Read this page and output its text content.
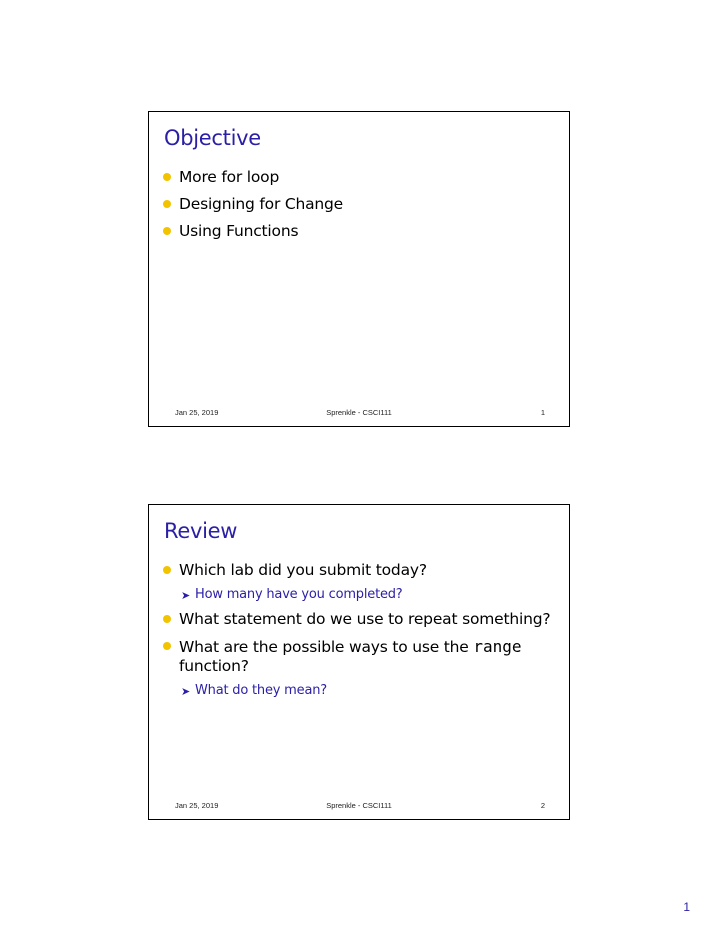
Objective
More for loop
Designing for Change
Using Functions
Jan 25, 2019	Sprenkle - CSCI111	1
Review
Which lab did you submit today?
➤ How many have you completed?
What statement do we use to repeat something?
What are the possible ways to use the range function?
➤ What do they mean?
Jan 25, 2019	Sprenkle - CSCI111	2
1
